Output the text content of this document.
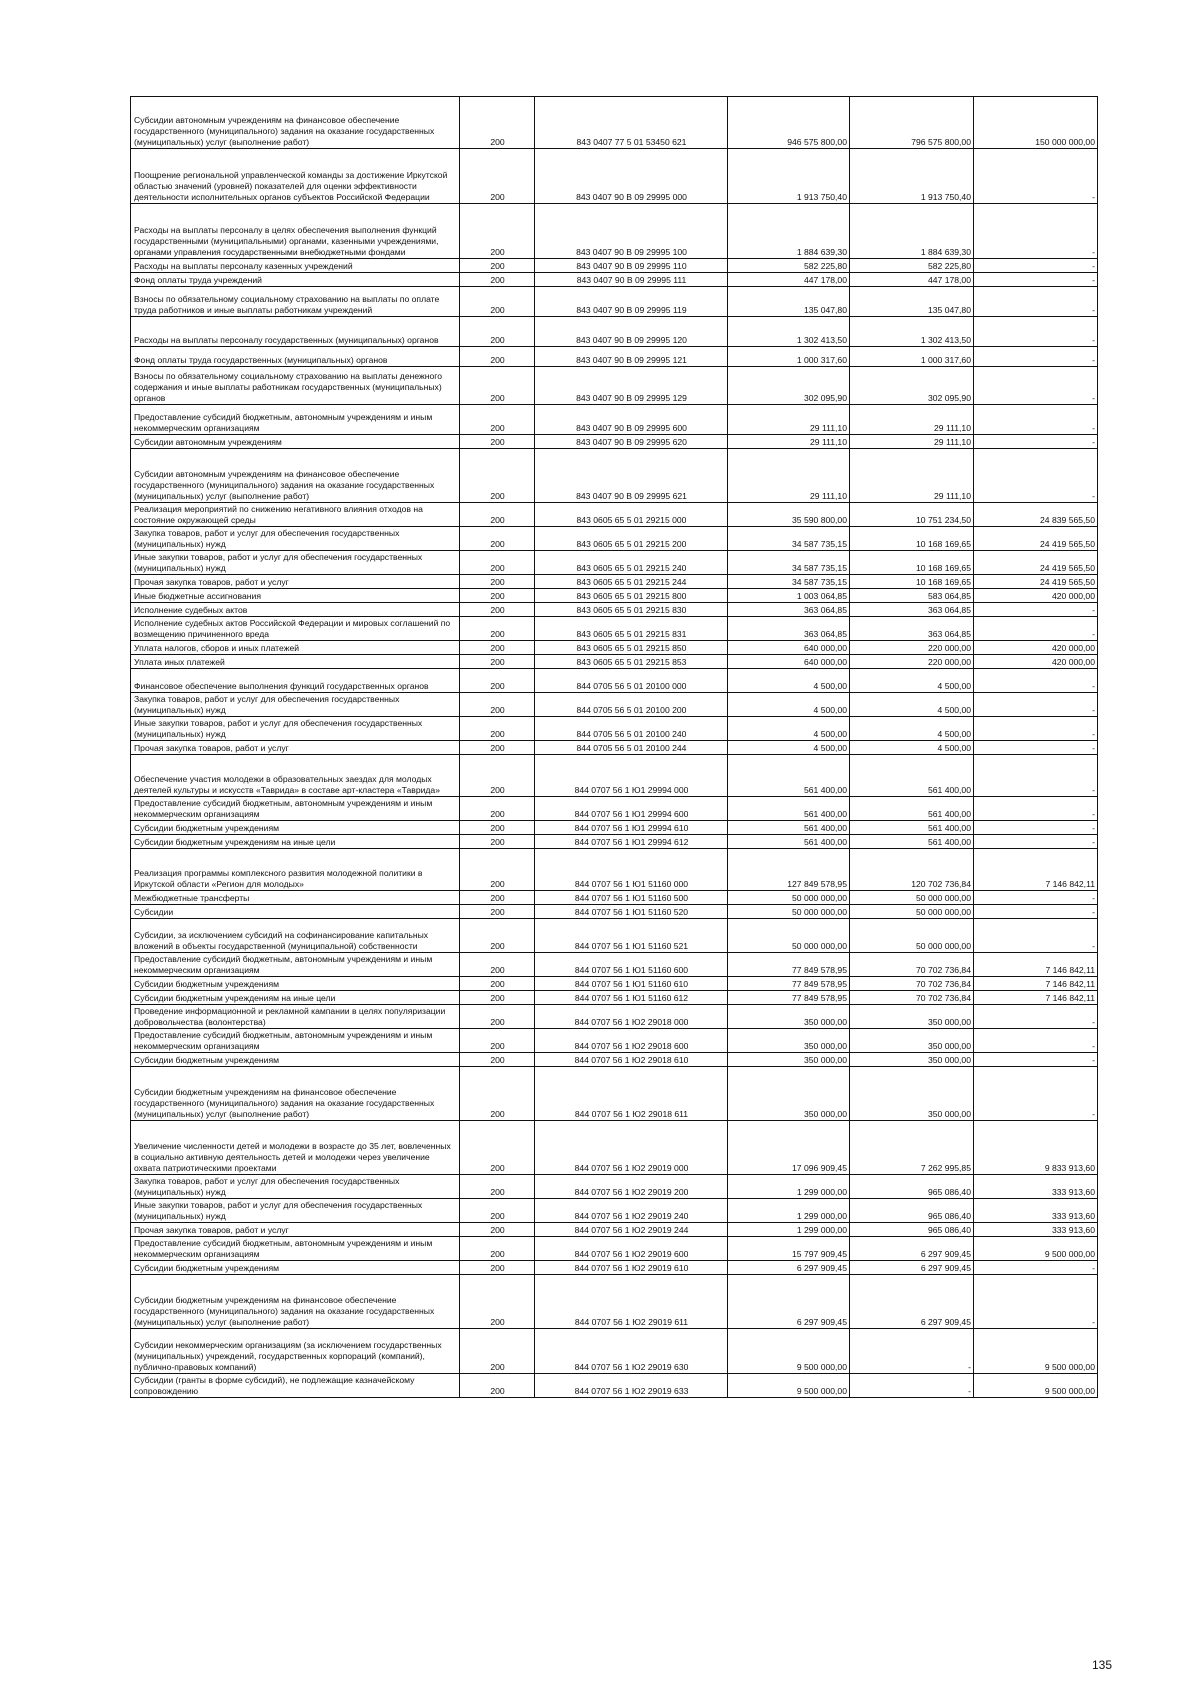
Субсидии автономным учреждениям на финансовое обеспечение государственного (муниципального) задания на оказание государственных (муниципальных) услуг (выполнение работ)	200	843 0407 77 5 01 53450 621	946 575 800,00	796 575 800,00	150 000 000,00
Поощрение региональной управленческой команды за достижение Иркутской областью значений (уровней) показателей для оценки эффективности деятельности исполнительных органов субъектов Российской Федерации	200	843 0407 90 В 09 29995 000	1 913 750,40	1 913 750,40	-
Расходы на выплаты персоналу в целях обеспечения выполнения функций государственными (муниципальными) органами, казенными учреждениями, органами управления государственными внебюджетными фондами	200	843 0407 90 В 09 29995 100	1 884 639,30	1 884 639,30	-
Расходы на выплаты персоналу казенных учреждений	200	843 0407 90 В 09 29995 110	582 225,80	582 225,80	-
Фонд оплаты труда учреждений	200	843 0407 90 В 09 29995 111	447 178,00	447 178,00	-
Взносы по обязательному социальному страхованию на выплаты по оплате труда работников и иные выплаты работникам учреждений	200	843 0407 90 В 09 29995 119	135 047,80	135 047,80	-
Расходы на выплаты персоналу государственных (муниципальных) органов	200	843 0407 90 В 09 29995 120	1 302 413,50	1 302 413,50	-
Фонд оплаты труда государственных (муниципальных) органов	200	843 0407 90 В 09 29995 121	1 000 317,60	1 000 317,60	-
Взносы по обязательному социальному страхованию на выплаты денежного содержания и иные выплаты работникам государственных (муниципальных) органов	200	843 0407 90 В 09 29995 129	302 095,90	302 095,90	-
Предоставление субсидий бюджетным, автономным учреждениям и иным некоммерческим организациям	200	843 0407 90 В 09 29995 600	29 111,10	29 111,10	-
Субсидии автономным учреждениям	200	843 0407 90 В 09 29995 620	29 111,10	29 111,10	-
Субсидии автономным учреждениям на финансовое обеспечение государственного (муниципального) задания на оказание государственных (муниципальных) услуг (выполнение работ)	200	843 0407 90 В 09 29995 621	29 111,10	29 111,10	-
Реализация мероприятий по снижению негативного влияния отходов на состояние окружающей среды	200	843 0605 65 5 01 29215 000	35 590 800,00	10 751 234,50	24 839 565,50
Закупка товаров, работ и услуг для обеспечения государственных (муниципальных) нужд	200	843 0605 65 5 01 29215 200	34 587 735,15	10 168 169,65	24 419 565,50
Иные закупки товаров, работ и услуг для обеспечения государственных (муниципальных) нужд	200	843 0605 65 5 01 29215 240	34 587 735,15	10 168 169,65	24 419 565,50
Прочая закупка товаров, работ и услуг	200	843 0605 65 5 01 29215 244	34 587 735,15	10 168 169,65	24 419 565,50
Иные бюджетные ассигнования	200	843 0605 65 5 01 29215 800	1 003 064,85	583 064,85	420 000,00
Исполнение судебных актов	200	843 0605 65 5 01 29215 830	363 064,85	363 064,85	-
Исполнение судебных актов Российской Федерации и мировых соглашений по возмещению причиненного вреда	200	843 0605 65 5 01 29215 831	363 064,85	363 064,85	-
Уплата налогов, сборов и иных платежей	200	843 0605 65 5 01 29215 850	640 000,00	220 000,00	420 000,00
Уплата иных платежей	200	843 0605 65 5 01 29215 853	640 000,00	220 000,00	420 000,00
Финансовое обеспечение выполнения функций государственных органов	200	844 0705 56 5 01 20100 000	4 500,00	4 500,00	-
Закупка товаров, работ и услуг для обеспечения государственных (муниципальных) нужд	200	844 0705 56 5 01 20100 200	4 500,00	4 500,00	-
Иные закупки товаров, работ и услуг для обеспечения государственных (муниципальных) нужд	200	844 0705 56 5 01 20100 240	4 500,00	4 500,00	-
Прочая закупка товаров, работ и услуг	200	844 0705 56 5 01 20100 244	4 500,00	4 500,00	-
Обеспечение участия молодежи в образовательных заездах для молодых деятелей культуры и искусств «Таврида» в составе арт-кластера «Таврида»	200	844 0707 56 1 Ю1 29994 000	561 400,00	561 400,00	-
Предоставление субсидий бюджетным, автономным учреждениям и иным некоммерческим организациям	200	844 0707 56 1 Ю1 29994 600	561 400,00	561 400,00	-
Субсидии бюджетным учреждениям	200	844 0707 56 1 Ю1 29994 610	561 400,00	561 400,00	-
Субсидии бюджетным учреждениям на иные цели	200	844 0707 56 1 Ю1 29994 612	561 400,00	561 400,00	-
Реализация программы комплексного развития молодежной политики в Иркутской области «Регион для молодых»	200	844 0707 56 1 Ю1 51160 000	127 849 578,95	120 702 736,84	7 146 842,11
Межбюджетные трансферты	200	844 0707 56 1 Ю1 51160 500	50 000 000,00	50 000 000,00	-
Субсидии	200	844 0707 56 1 Ю1 51160 520	50 000 000,00	50 000 000,00	-
Субсидии, за исключением субсидий на софинансирование капитальных вложений в объекты государственной (муниципальной) собственности	200	844 0707 56 1 Ю1 51160 521	50 000 000,00	50 000 000,00	-
Предоставление субсидий бюджетным, автономным учреждениям и иным некоммерческим организациям	200	844 0707 56 1 Ю1 51160 600	77 849 578,95	70 702 736,84	7 146 842,11
Субсидии бюджетным учреждениям	200	844 0707 56 1 Ю1 51160 610	77 849 578,95	70 702 736,84	7 146 842,11
Субсидии бюджетным учреждениям на иные цели	200	844 0707 56 1 Ю1 51160 612	77 849 578,95	70 702 736,84	7 146 842,11
Проведение информационной и рекламной кампании в целях популяризации добровольчества (волонтерства)	200	844 0707 56 1 Ю2 29018 000	350 000,00	350 000,00	-
Предоставление субсидий бюджетным, автономным учреждениям и иным некоммерческим организациям	200	844 0707 56 1 Ю2 29018 600	350 000,00	350 000,00	-
Субсидии бюджетным учреждениям	200	844 0707 56 1 Ю2 29018 610	350 000,00	350 000,00	-
Субсидии бюджетным учреждениям на финансовое обеспечение государственного (муниципального) задания на оказание государственных (муниципальных) услуг (выполнение работ)	200	844 0707 56 1 Ю2 29018 611	350 000,00	350 000,00	-
Увеличение численности детей и молодежи в возрасте до 35 лет, вовлеченных в социально активную деятельность детей и молодежи через увеличение охвата патриотическими проектами	200	844 0707 56 1 Ю2 29019 000	17 096 909,45	7 262 995,85	9 833 913,60
Закупка товаров, работ и услуг для обеспечения государственных (муниципальных) нужд	200	844 0707 56 1 Ю2 29019 200	1 299 000,00	965 086,40	333 913,60
Иные закупки товаров, работ и услуг для обеспечения государственных (муниципальных) нужд	200	844 0707 56 1 Ю2 29019 240	1 299 000,00	965 086,40	333 913,60
Прочая закупка товаров, работ и услуг	200	844 0707 56 1 Ю2 29019 244	1 299 000,00	965 086,40	333 913,60
Предоставление субсидий бюджетным, автономным учреждениям и иным некоммерческим организациям	200	844 0707 56 1 Ю2 29019 600	15 797 909,45	6 297 909,45	9 500 000,00
Субсидии бюджетным учреждениям	200	844 0707 56 1 Ю2 29019 610	6 297 909,45	6 297 909,45	-
Субсидии бюджетным учреждениям на финансовое обеспечение государственного (муниципального) задания на оказание государственных (муниципальных) услуг (выполнение работ)	200	844 0707 56 1 Ю2 29019 611	6 297 909,45	6 297 909,45	-
Субсидии некоммерческим организациям (за исключением государственных (муниципальных) учреждений, государственных корпораций (компаний), публично-правовых компаний)	200	844 0707 56 1 Ю2 29019 630	9 500 000,00	-	9 500 000,00
Субсидии (гранты в форме субсидий), не подлежащие казначейскому сопровождению	200	844 0707 56 1 Ю2 29019 633	9 500 000,00	-	9 500 000,00
135
